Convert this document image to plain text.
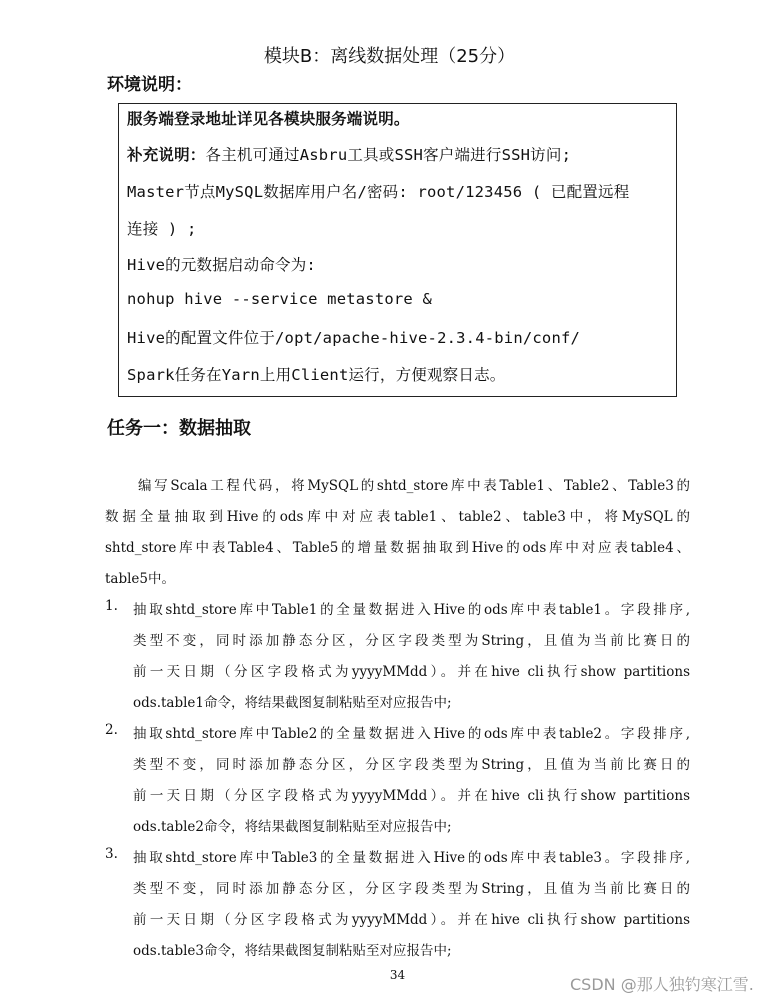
模块B：离线数据处理（25分）
环境说明：
服务端登录地址详见各模块服务端说明。
补充说明：各主机可通过Asbru工具或SSH客户端进行SSH访问;
Master节点MySQL数据库用户名/密码: root/123456 ( 已配置远程
连接 ) ;
Hive的元数据启动命令为:
nohup hive --service metastore &
Hive的配置文件位于/opt/apache-hive-2.3.4-bin/conf/
Spark任务在Yarn上用Client运行，方便观察日志。
任务一：数据抽取
编写Scala工程代码，将MySQL的shtd_store库中表Table1、Table2、Table3的
数据全量抽取到Hive的ods库中对应表table1、table2、table3中，将MySQL的
shtd_store库中表Table4、Table5的增量数据抽取到Hive的ods库中对应表table4、
table5中。
1. 抽取shtd_store库中Table1的全量数据进入Hive的ods库中表table1。字段排序,
类型不变，同时添加静态分区，分区字段类型为String，且值为当前比赛日的
前一天日期（分区字段格式为yyyyMMdd）。并在hive cli执行show partitions
ods.table1命令，将结果截图复制粘贴至对应报告中;
2. 抽取shtd_store库中Table2的全量数据进入Hive的ods库中表table2。字段排序,
类型不变，同时添加静态分区，分区字段类型为String，且值为当前比赛日的
前一天日期（分区字段格式为yyyyMMdd）。并在hive cli执行show partitions
ods.table2命令，将结果截图复制粘贴至对应报告中;
3. 抽取shtd_store库中Table3的全量数据进入Hive的ods库中表table3。字段排序,
类型不变，同时添加静态分区，分区字段类型为String，且值为当前比赛日的
前一天日期（分区字段格式为yyyyMMdd）。并在hive cli执行show partitions
ods.table3命令，将结果截图复制粘贴至对应报告中;
34	CSDN @那人独钓寒江雪.
